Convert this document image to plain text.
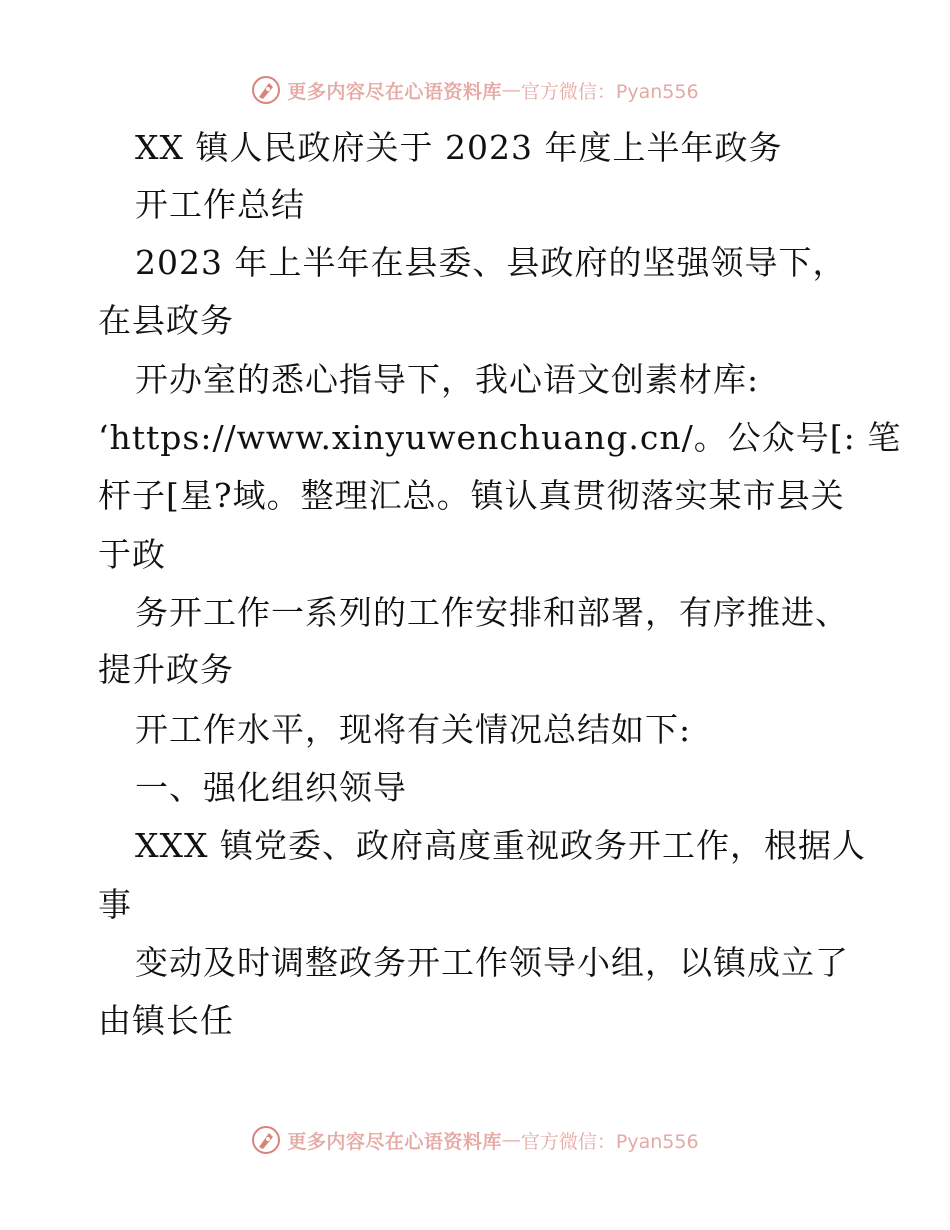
更多内容尽在心语资料库 — 官方微信：Pyan556
XX 镇人民政府关于 2023 年度上半年政务
开工作总结
2023 年上半年在县委、县政府的坚强领导下，
在县政务
开办室的悉心指导下，我心语文创素材库:
‘https://www.xinyuwenchuang.cn/。公众号[: 笔
杆子[星?域。整理汇总。镇认真贯彻落实某市县关
于政
务开工作一系列的工作安排和部署，有序推进、
提升政务
开工作水平，现将有关情况总结如下:
一、强化组织领导
XXX 镇党委、政府高度重视政务开工作，根据人
事
变动及时调整政务开工作领导小组，以镇成立了
由镇长任
更多内容尽在心语资料库 — 官方微信：Pyan556
